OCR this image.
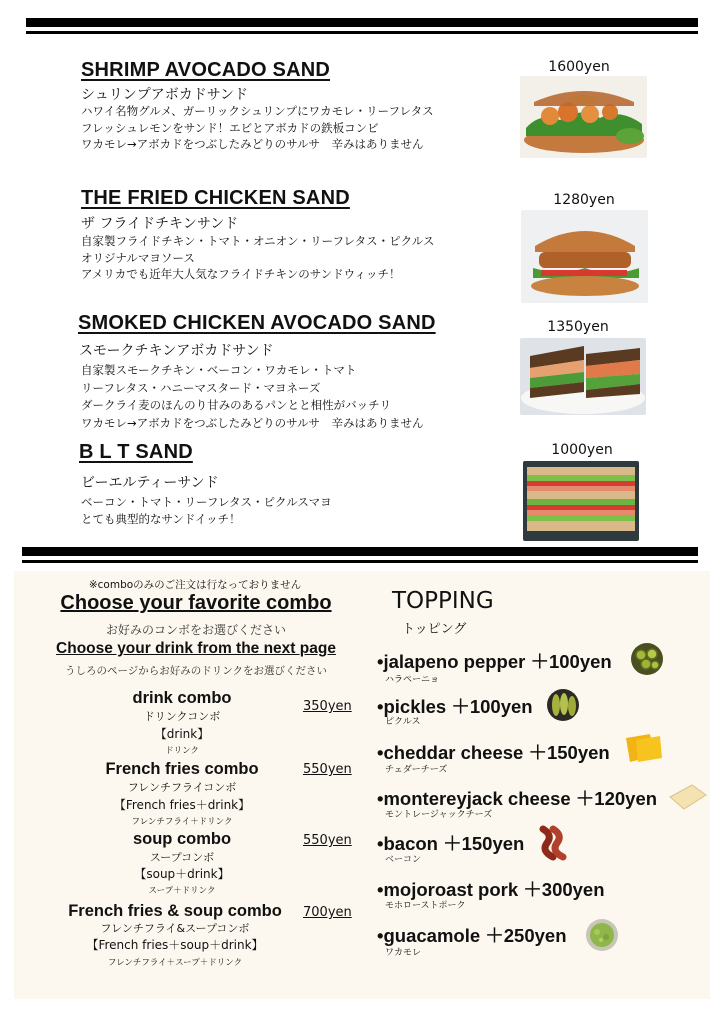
SHRIMP AVOCADO SAND
シュリンプアボカドサンド
ハワイ名物グルメ、ガーリックシュリンプにワカモレ・リーフレタス
フレッシュレモンをサンド！エビとアボカドの鉄板コンビ
ワカモレ→アボカドをつぶしたみどりのサルサ　辛みはありません
1600yen
THE FRIED CHICKEN SAND
ザ フライドチキンサンド
自家製フライドチキン・トマト・オニオン・リーフレタス・ピクルス
オリジナルマヨソース
アメリカでも近年大人気なフライドチキンのサンドウィッチ！
1280yen
SMOKED CHICKEN AVOCADO SAND
スモークチキンアボカドサンド
自家製スモークチキン・ベーコン・ワカモレ・トマト
リーフレタス・ハニーマスタード・マヨネーズ
ダークライ麦のほんのり甘みのあるパンとと相性がバッチリ
ワカモレ→アボカドをつぶしたみどりのサルサ　辛みはありません
1350yen
B L T SAND
ビーエルティーサンド
ベーコン・トマト・リーフレタス・ピクルスマヨ
とても典型的なサンドイッチ！
1000yen
※comboのみのご注文は行なっておりません
Choose your favorite combo
お好みのコンボをお選びください
Choose your drink from the next page
うしろのページからお好みのドリンクをお選びください
drink combo
ドリンクコンボ
【drink】
ドリンク
350yen
French fries combo
フレンチフライコンボ
【French fries＋drink】
フレンチフライ＋ドリンク
550yen
soup combo
スープコンボ
【soup＋drink】
スープ＋ドリンク
550yen
French fries & soup combo
フレンチフライ&スープコンボ
【French fries＋soup＋drink】
フレンチフライ＋スープ＋ドリンク
700yen
TOPPING
トッピング
•jalapeno pepper ＋100yen
ハラペーニョ
•pickles ＋100yen
ピクルス
•cheddar cheese ＋150yen
チェダーチーズ
•montereyjack cheese ＋120yen
モントレージャックチーズ
•bacon ＋150yen
ベーコン
•mojoroast pork ＋300yen
モホローストポーク
•guacamole ＋250yen
ワカモレ
